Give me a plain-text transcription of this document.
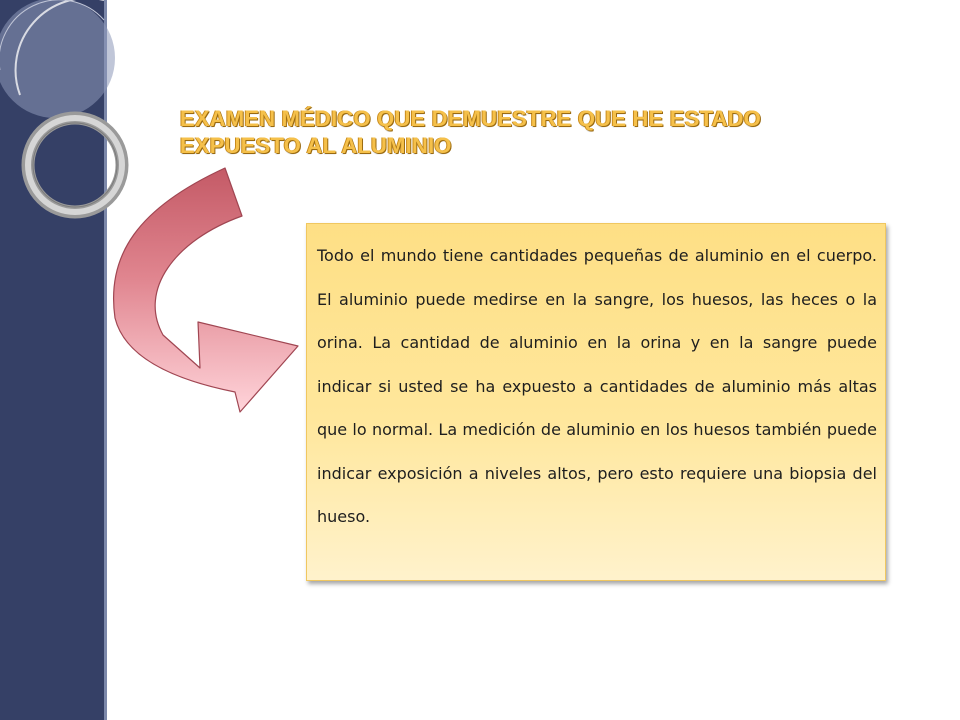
EXAMEN MÉDICO QUE DEMUESTRE QUE HE ESTADO EXPUESTO AL ALUMINIO

Todo el mundo tiene cantidades pequeñas de aluminio en el cuerpo. El aluminio puede medirse en la sangre, los huesos, las heces o la orina. La cantidad de aluminio en la orina y en la sangre puede indicar si usted se ha expuesto a cantidades de aluminio más altas que lo normal. La medición de aluminio en los huesos también puede indicar exposición a niveles altos, pero esto requiere una biopsia del hueso.
